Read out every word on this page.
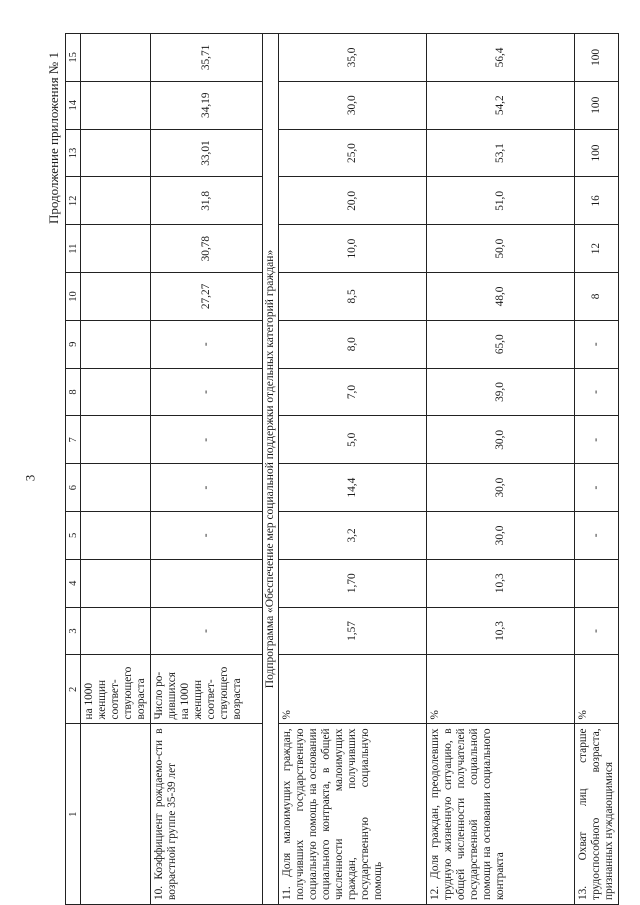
3
Продолжение приложения № 1
1	2	3	4	5	6	7	8	9	10	11	12	13	14	15
	на 1000 женщин соответ-ствующего возраста													
10. Коэффициент рождаемо-сти в возрастной группе 35-39 лет	Число ро-дившихся на 1000 женщин соответ-ствующего возраста	-		-	-	-	-	-	27,27	30,78	31,8	33,01	34,19	35,71
Подпрограмма «Обеспечение мер социальной поддержки отдельных категорий граждан»														
11. Доля малоимущих граждан, получивших государственную социальную помощь на основании социального контракта, в общей численности малоимущих граждан, получивших государственную социальную помощь	%	1,57	1,70	3,2	14,4	5,0	7,0	8,0	8,5	10,0	20,0	25,0	30,0	35,0
12. Доля граждан, преодолевших трудную жизненную ситуацию, в общей численности получателей государственной социальной помощи на основании социального контракта	%	10,3	10,3	30,0	30,0	30,0	39,0	65,0	48,0	50,0	51,0	53,1	54,2	56,4
13. Охват лиц старше трудоспособного возраста, признанных нуждающимися	%	-		-	-	-	-	-	8	12	16	100	100	100
